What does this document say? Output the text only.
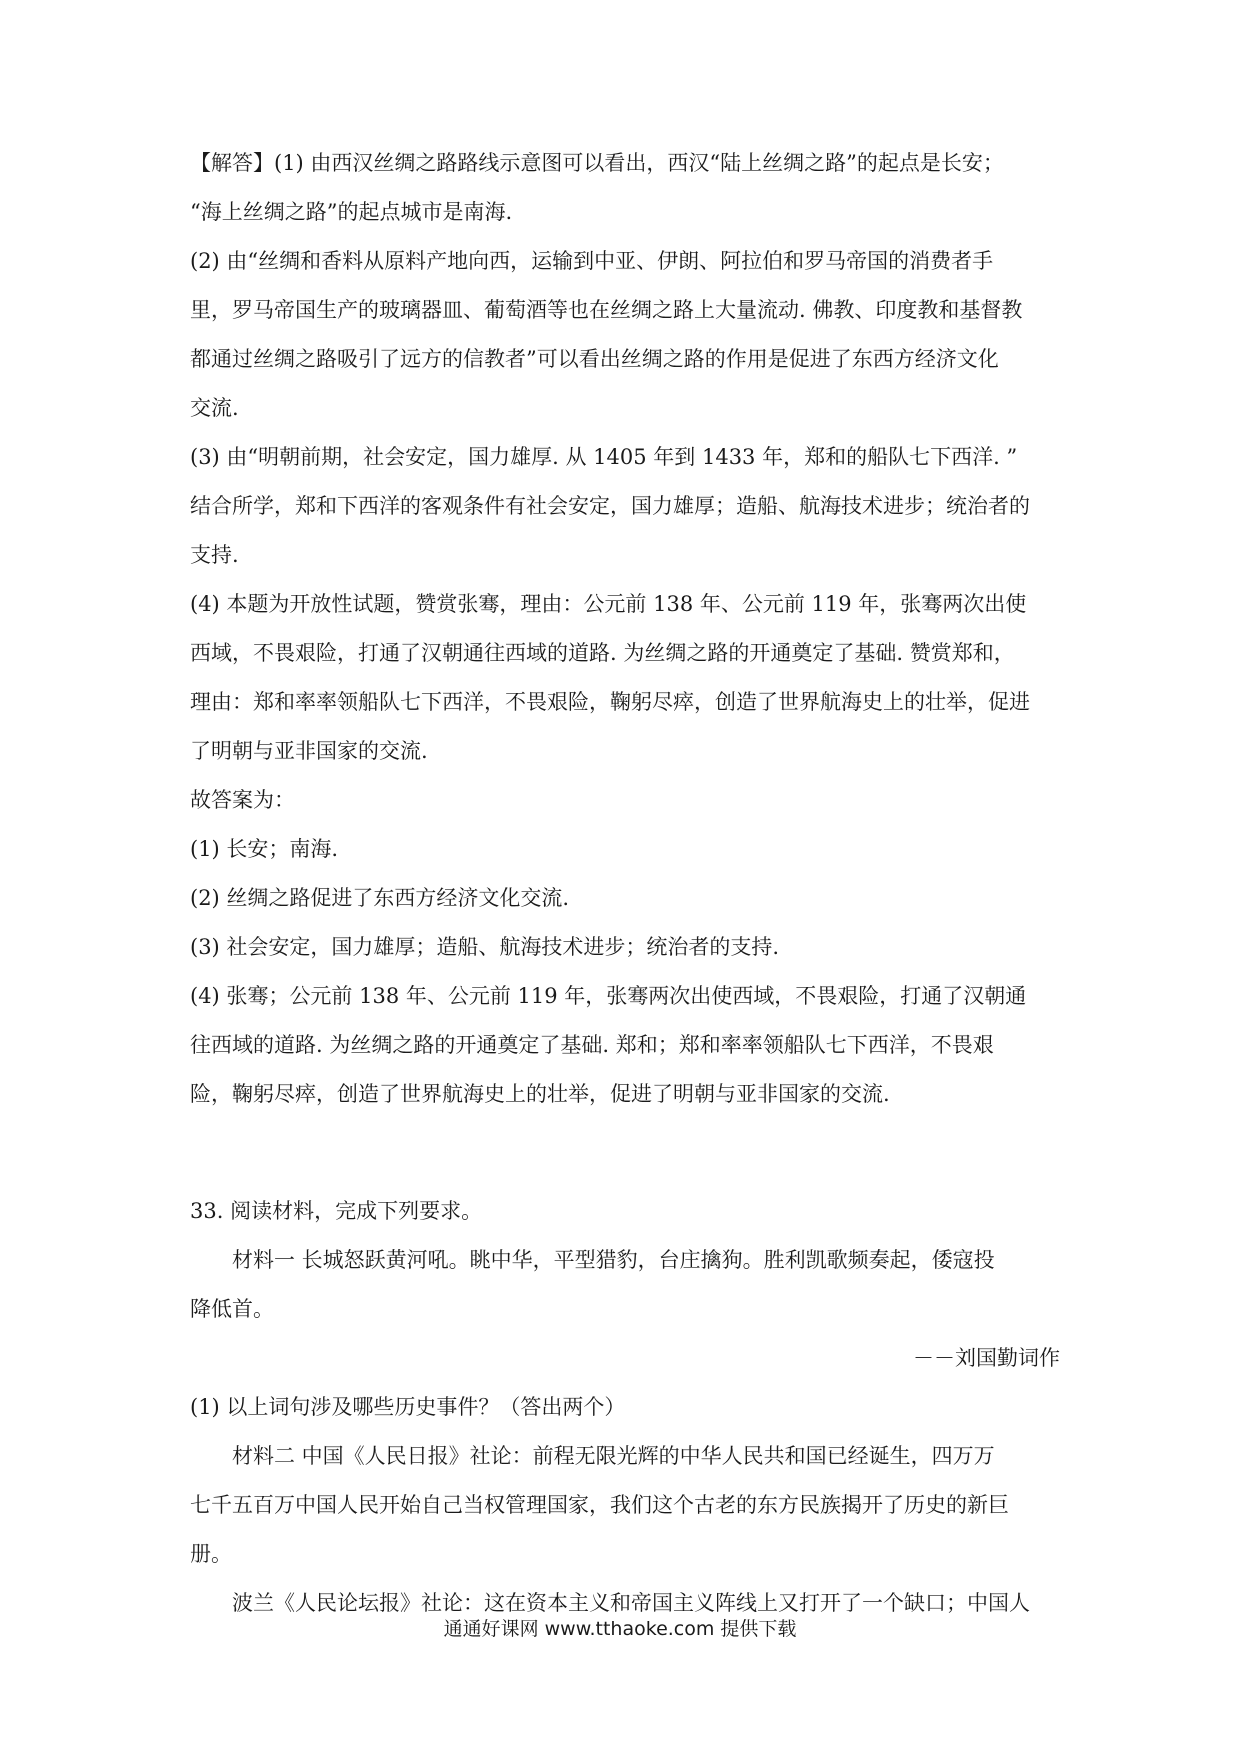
【解答】(1) 由西汉丝绸之路路线示意图可以看出，西汉“陆上丝绸之路”的起点是长安；
“海上丝绸之路”的起点城市是南海.
(2) 由“丝绸和香料从原料产地向西，运输到中亚、伊朗、阿拉伯和罗马帝国的消费者手
里，罗马帝国生产的玻璃器皿、葡萄酒等也在丝绸之路上大量流动. 佛教、印度教和基督教
都通过丝绸之路吸引了远方的信教者”可以看出丝绸之路的作用是促进了东西方经济文化
交流.
(3) 由“明朝前期，社会安定，国力雄厚. 从 1405 年到 1433 年，郑和的船队七下西洋. ”
结合所学，郑和下西洋的客观条件有社会安定，国力雄厚；造船、航海技术进步；统治者的
支持.
(4) 本题为开放性试题，赞赏张骞，理由：公元前 138 年、公元前 119 年，张骞两次出使
西域，不畏艰险，打通了汉朝通往西域的道路. 为丝绸之路的开通奠定了基础. 赞赏郑和，
理由：郑和率率领船队七下西洋，不畏艰险，鞠躬尽瘁，创造了世界航海史上的壮举，促进
了明朝与亚非国家的交流.
故答案为：
(1) 长安；南海.
(2) 丝绸之路促进了东西方经济文化交流.
(3) 社会安定，国力雄厚；造船、航海技术进步；统治者的支持.
(4) 张骞；公元前 138 年、公元前 119 年，张骞两次出使西域，不畏艰险，打通了汉朝通
往西域的道路. 为丝绸之路的开通奠定了基础. 郑和；郑和率率领船队七下西洋，不畏艰
险，鞠躬尽瘁，创造了世界航海史上的壮举，促进了明朝与亚非国家的交流.
33. 阅读材料，完成下列要求。
材料一 长城怒跃黄河吼。眺中华，平型猎豹，台庄擒狗。胜利凯歌频奏起，倭寇投
降低首。
－－刘国勤词作
(1) 以上词句涉及哪些历史事件？（答出两个）
材料二 中国《人民日报》社论：前程无限光辉的中华人民共和国已经诞生，四万万
七千五百万中国人民开始自己当权管理国家，我们这个古老的东方民族揭开了历史的新巨
册。
波兰《人民论坛报》社论：这在资本主义和帝国主义阵线上又打开了一个缺口；中国人
通通好课网 www.tthaoke.com 提供下载
